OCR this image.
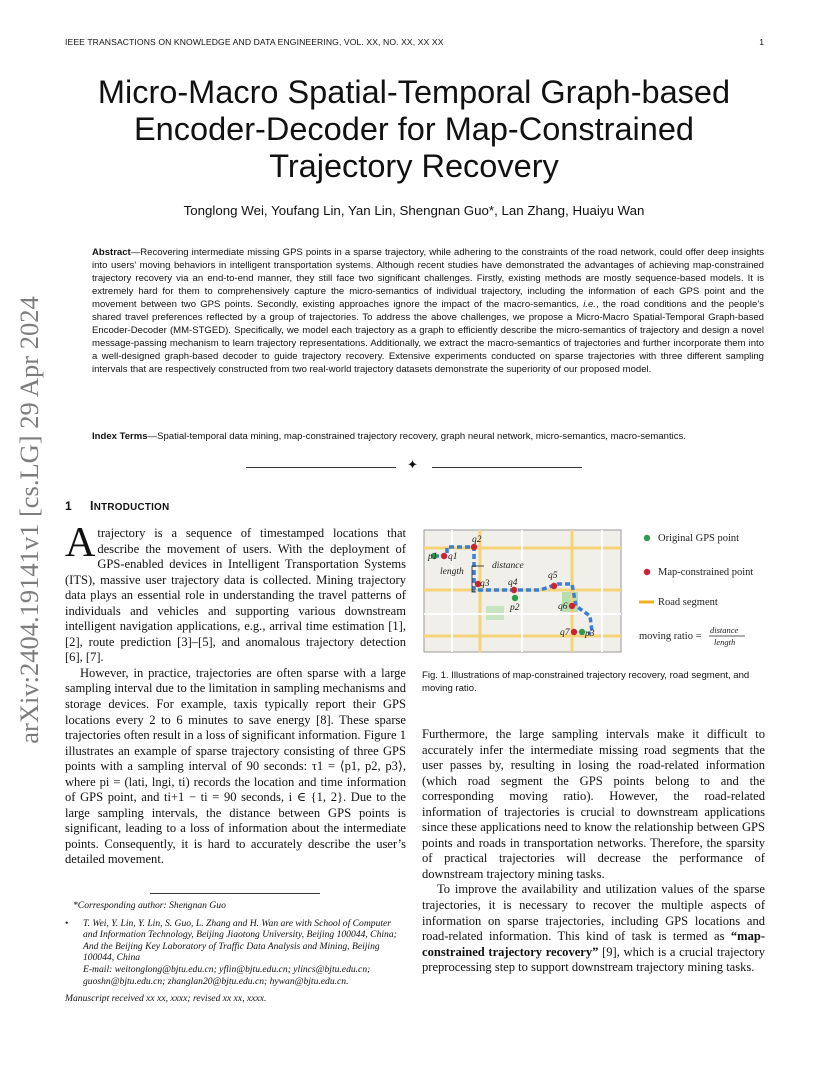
IEEE TRANSACTIONS ON KNOWLEDGE AND DATA ENGINEERING, VOL. XX, NO. XX, XX XX	1
arXiv:2404.19141v1 [cs.LG] 29 Apr 2024
Micro-Macro Spatial-Temporal Graph-based
Encoder-Decoder for Map-Constrained
Trajectory Recovery
Tonglong Wei, Youfang Lin, Yan Lin, Shengnan Guo*, Lan Zhang, Huaiyu Wan
Abstract—Recovering intermediate missing GPS points in a sparse trajectory, while adhering to the constraints of the road network, could offer deep insights into users’ moving behaviors in intelligent transportation systems. Although recent studies have demonstrated the advantages of achieving map-constrained trajectory recovery via an end-to-end manner, they still face two significant challenges. Firstly, existing methods are mostly sequence-based models. It is extremely hard for them to comprehensively capture the micro-semantics of individual trajectory, including the information of each GPS point and the movement between two GPS points. Secondly, existing approaches ignore the impact of the macro-semantics, i.e., the road conditions and the people’s shared travel preferences reflected by a group of trajectories. To address the above challenges, we propose a Micro-Macro Spatial-Temporal Graph-based Encoder-Decoder (MM-STGED). Specifically, we model each trajectory as a graph to efficiently describe the micro-semantics of trajectory and design a novel message-passing mechanism to learn trajectory representations. Additionally, we extract the macro-semantics of trajectories and further incorporate them into a well-designed graph-based decoder to guide trajectory recovery. Extensive experiments conducted on sparse trajectories with three different sampling intervals that are respectively constructed from two real-world trajectory datasets demonstrate the superiority of our proposed model.
Index Terms—Spatial-temporal data mining, map-constrained trajectory recovery, graph neural network, micro-semantics, macro-semantics.
✦
1 INTRODUCTION

A trajectory is a sequence of timestamped locations that describe the movement of users. With the deployment of GPS-enabled devices in Intelligent Transportation Systems (ITS), massive user trajectory data is collected. Mining trajectory data plays an essential role in understanding the travel patterns of individuals and vehicles and supporting various downstream intelligent navigation applications, e.g., arrival time estimation [1], [2], route prediction [3]–[5], and anomalous trajectory detection [6], [7].

However, in practice, trajectories are often sparse with a large sampling interval due to the limitation in sampling mechanisms and storage devices. For example, taxis typically report their GPS locations every 2 to 6 minutes to save energy [8]. These sparse trajectories often result in a loss of significant information. Figure 1 illustrates an example of sparse trajectory consisting of three GPS points with a sampling interval of 90 seconds: τ1 = ⟨p1, p2, p3⟩, where pi = (lati, lngi, ti) records the location and time information of GPS point, and ti+1 − ti = 90 seconds, i ∈ {1, 2}. Due to the large sampling intervals, the distance between GPS points is significant, leading to a loss of information about the intermediate points. Consequently, it is hard to accurately describe the user’s detailed movement.

*Corresponding author: Shengnan Guo
• T. Wei, Y. Lin, Y. Lin, S. Guo, L. Zhang and H. Wan are with School of Computer and Information Technology, Beijing Jiaotong University, Beijing 100044, China; And the Beijing Key Laboratory of Traffic Data Analysis and Mining, Beijing 100044, China
E-mail: weitonglong@bjtu.edu.cn; yflin@bjtu.edu.cn; ylincs@bjtu.edu.cn; guoshn@bjtu.edu.cn; zhanglan20@bjtu.edu.cn; hywan@bjtu.edu.cn.
Manuscript received xx xx, xxxx; revised xx xx, xxxx.
q2
p1 q1
length
distance
q3 q4
q5
p2	q6
q7 p3
Original GPS point
Map-constrained point
Road segment
moving ratio =
distance
length
Fig. 1. Illustrations of map-constrained trajectory recovery, road segment, and moving ratio.

Furthermore, the large sampling intervals make it difficult to accurately infer the intermediate missing road segments that the user passes by, resulting in losing the road-related information (which road segment the GPS points belong to and the corresponding moving ratio). However, the road-related information of trajectories is crucial to downstream applications since these applications need to know the relationship between GPS points and roads in transportation networks. Therefore, the sparsity of practical trajectories will decrease the performance of downstream trajectory mining tasks.

To improve the availability and utilization values of the sparse trajectories, it is necessary to recover the multiple aspects of information on sparse trajectories, including GPS locations and road-related information. This kind of task is termed as “map-constrained trajectory recovery” [9], which is a crucial trajectory preprocessing step to support downstream trajectory mining tasks.
